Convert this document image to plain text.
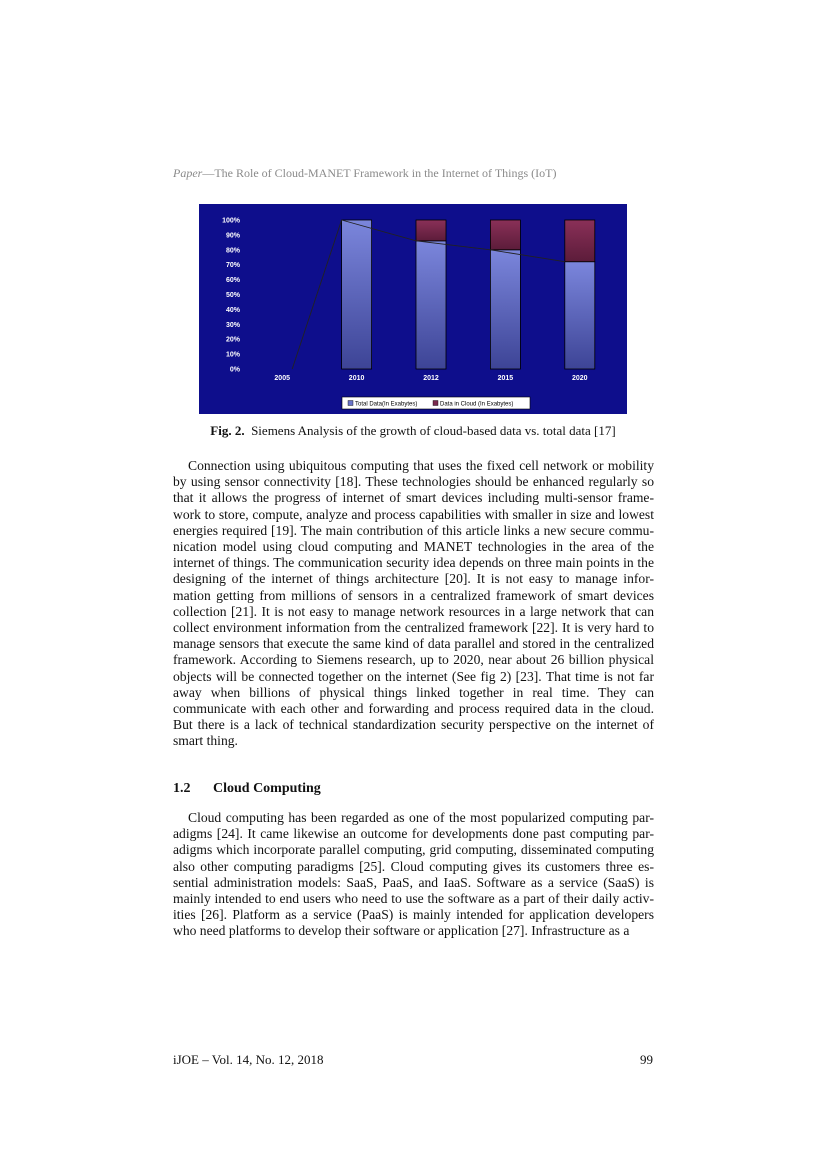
Paper—The Role of Cloud-MANET Framework in the Internet of Things (IoT)
0%
10%
20%
30%
40%
50%
60%
70%
80%
90%
100%
2005	2010	2012	2015	2020
Total Data(In Exabytes)	Data in Cloud (In Exabytes)
Fig. 2. Siemens Analysis of the growth of cloud-based data vs. total data [17]

Connection using ubiquitous computing that uses the fixed cell network or mobility by using sensor connectivity [18]. These technologies should be enhanced regularly so that it allows the progress of internet of smart devices including multi-sensor frame-work to store, compute, analyze and process capabilities with smaller in size and lowest energies required [19]. The main contribution of this article links a new secure commu-nication model using cloud computing and MANET technologies in the area of the internet of things. The communication security idea depends on three main points in the designing of the internet of things architecture [20]. It is not easy to manage infor-mation getting from millions of sensors in a centralized framework of smart devices collection [21]. It is not easy to manage network resources in a large network that can collect environment information from the centralized framework [22]. It is very hard to manage sensors that execute the same kind of data parallel and stored in the centralized framework. According to Siemens research, up to 2020, near about 26 billion physical objects will be connected together on the internet (See fig 2) [23]. That time is not far away when billions of physical things linked together in real time. They can communicate with each other and forwarding and process required data in the cloud. But there is a lack of technical standardization security perspective on the internet of smart thing.

1.2 Cloud Computing

Cloud computing has been regarded as one of the most popularized computing par-adigms [24]. It came likewise an outcome for developments done past computing par-adigms which incorporate parallel computing, grid computing, disseminated computing also other computing paradigms [25]. Cloud computing gives its customers three es-sential administration models: SaaS, PaaS, and IaaS. Software as a service (SaaS) is mainly intended to end users who need to use the software as a part of their daily activ-ities [26]. Platform as a service (PaaS) is mainly intended for application developers who need platforms to develop their software or application [27]. Infrastructure as a

iJOE – Vol. 14, No. 12, 2018	99
